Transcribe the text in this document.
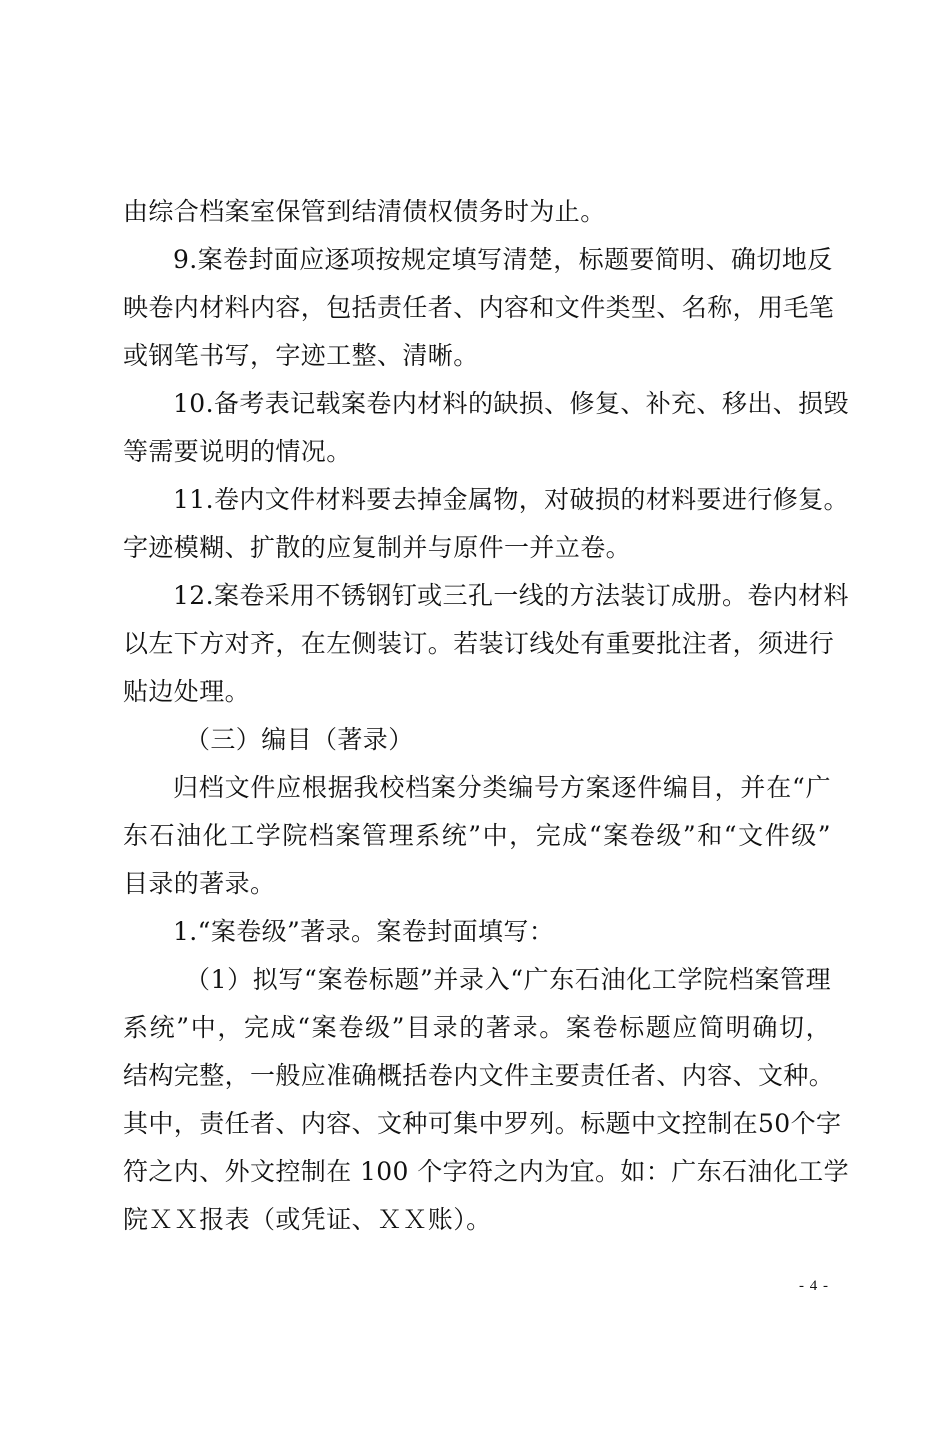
由综合档案室保管到结清债权债务时为止。
9.案卷封面应逐项按规定填写清楚，标题要简明、确切地反
映卷内材料内容，包括责任者、内容和文件类型、名称，用毛笔
或钢笔书写，字迹工整、清晰。
10.备考表记载案卷内材料的缺损、修复、补充、移出、损毁
等需要说明的情况。
11.卷内文件材料要去掉金属物，对破损的材料要进行修复。
字迹模糊、扩散的应复制并与原件一并立卷。
12.案卷采用不锈钢钉或三孔一线的方法装订成册。卷内材料
以左下方对齐，在左侧装订。若装订线处有重要批注者，须进行
贴边处理。
（三）编目（著录）
归档文件应根据我校档案分类编号方案逐件编目，并在“广
东石油化工学院档案管理系统”中，完成“案卷级”和“文件级”
目录的著录。
1.“案卷级”著录。案卷封面填写：
（1）拟写“案卷标题”并录入“广东石油化工学院档案管理
系统”中，完成“案卷级”目录的著录。案卷标题应简明确切，
结构完整，一般应准确概括卷内文件主要责任者、内容、文种。
其中，责任者、内容、文种可集中罗列。标题中文控制在50个字
符之内、外文控制在 100 个字符之内为宜。如：广东石油化工学
院ＸＸ报表（或凭证、ＸＸ账）。
- 4 -
